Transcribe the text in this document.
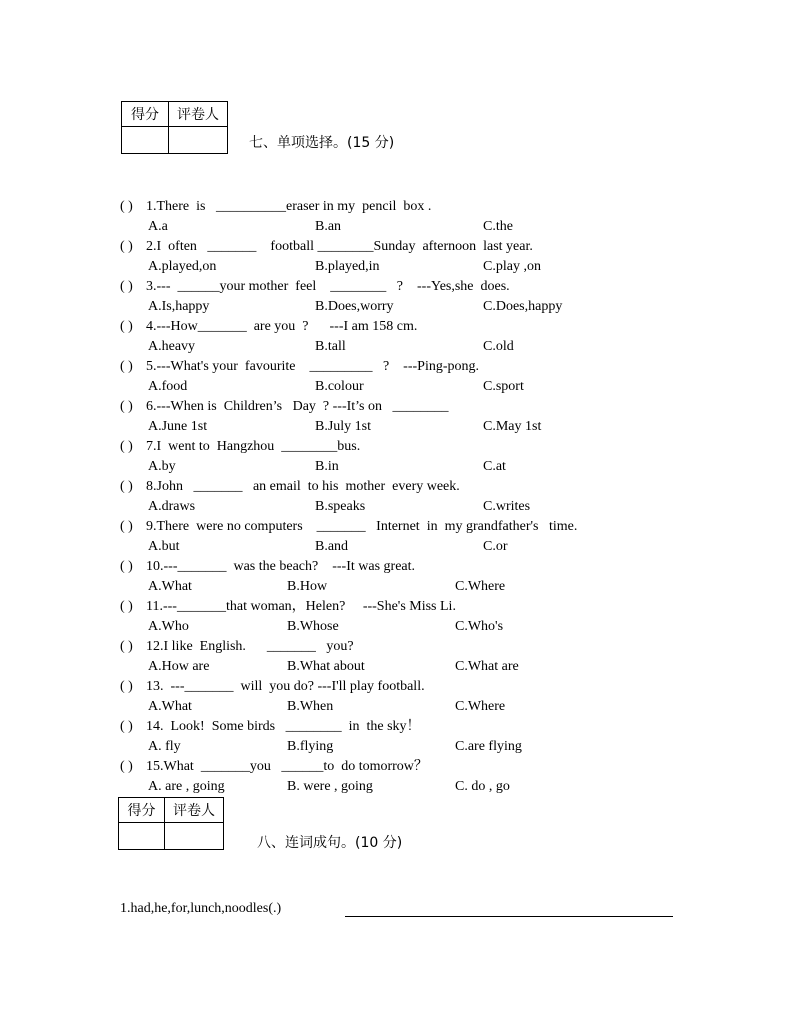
得分	评卷人

七、单项选择。(15 分)
( ) 1.There  is   __________eraser in my  pencil  box .
A.a	B.an	C.the
( ) 2.I  often   _______    football ________Sunday  afternoon  last year.
A.played,on	B.played,in	C.play ,on
( ) 3.---  ______your mother  feel    ________   ?    ---Yes,she  does.
A.Is,happy	B.Does,worry	C.Does,happy
( ) 4.---How_______  are you  ?      ---I am 158 cm.
A.heavy	B.tall	C.old
( ) 5.---What's your  favourite    _________   ?    ---Ping-pong.
A.food	B.colour	C.sport
( ) 6.---When is  Children’s   Day  ? ---It’s on   ________
A.June 1st	B.July 1st	C.May 1st
( ) 7.I  went to  Hangzhou  ________bus.
A.by	B.in	C.at
( ) 8.John   _______   an email  to his  mother  every week.
A.draws	B.speaks	C.writes
( ) 9.There  were no computers    _______   Internet  in  my grandfather's   time.
A.but	B.and	C.or
( ) 10.---_______  was the beach?    ---It was great.
A.What	B.How	C.Where
( ) 11.---_______that woman，Helen?     ---She's Miss Li.
A.Who	B.Whose	C.Who's
( ) 12.I like  English.      _______   you?
A.How are	B.What about	C.What are
( ) 13.  ---_______  will  you do? ---I'll play football.
A.What	B.When	C.Where
( ) 14.  Look!  Some birds   ________  in  the sky！
A. fly	B.flying	C.are flying
( ) 15.What  _______you   ______to  do tomorrow？
A. are , going	B. were , going	C. do , go
得分	评卷人

八、连词成句。(10 分)
1.had,he,for,lunch,noodles(.)
